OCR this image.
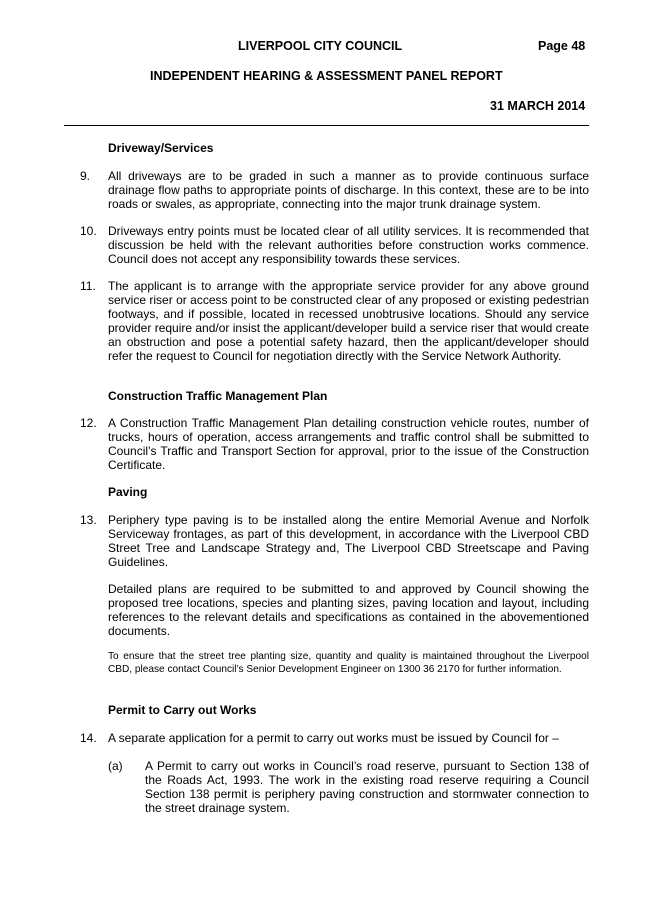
LIVERPOOL CITY COUNCIL	Page 48
INDEPENDENT HEARING & ASSESSMENT PANEL REPORT
31 MARCH 2014
Driveway/Services
9. All driveways are to be graded in such a manner as to provide continuous surface drainage flow paths to appropriate points of discharge. In this context, these are to be into roads or swales, as appropriate, connecting into the major trunk drainage system.
10. Driveways entry points must be located clear of all utility services. It is recommended that discussion be held with the relevant authorities before construction works commence. Council does not accept any responsibility towards these services.
11. The applicant is to arrange with the appropriate service provider for any above ground service riser or access point to be constructed clear of any proposed or existing pedestrian footways, and if possible, located in recessed unobtrusive locations. Should any service provider require and/or insist the applicant/developer build a service riser that would create an obstruction and pose a potential safety hazard, then the applicant/developer should refer the request to Council for negotiation directly with the Service Network Authority.
Construction Traffic Management Plan
12. A Construction Traffic Management Plan detailing construction vehicle routes, number of trucks, hours of operation, access arrangements and traffic control shall be submitted to Council’s Traffic and Transport Section for approval, prior to the issue of the Construction Certificate.
Paving
13. Periphery type paving is to be installed along the entire Memorial Avenue and Norfolk Serviceway frontages, as part of this development, in accordance with the Liverpool CBD Street Tree and Landscape Strategy and, The Liverpool CBD Streetscape and Paving Guidelines.
Detailed plans are required to be submitted to and approved by Council showing the proposed tree locations, species and planting sizes, paving location and layout, including references to the relevant details and specifications as contained in the abovementioned documents.
To ensure that the street tree planting size, quantity and quality is maintained throughout the Liverpool CBD, please contact Council’s Senior Development Engineer on 1300 36 2170 for further information.
Permit to Carry out Works
14. A separate application for a permit to carry out works must be issued by Council for –
(a) A Permit to carry out works in Council’s road reserve, pursuant to Section 138 of the Roads Act, 1993. The work in the existing road reserve requiring a Council Section 138 permit is periphery paving construction and stormwater connection to the street drainage system.
